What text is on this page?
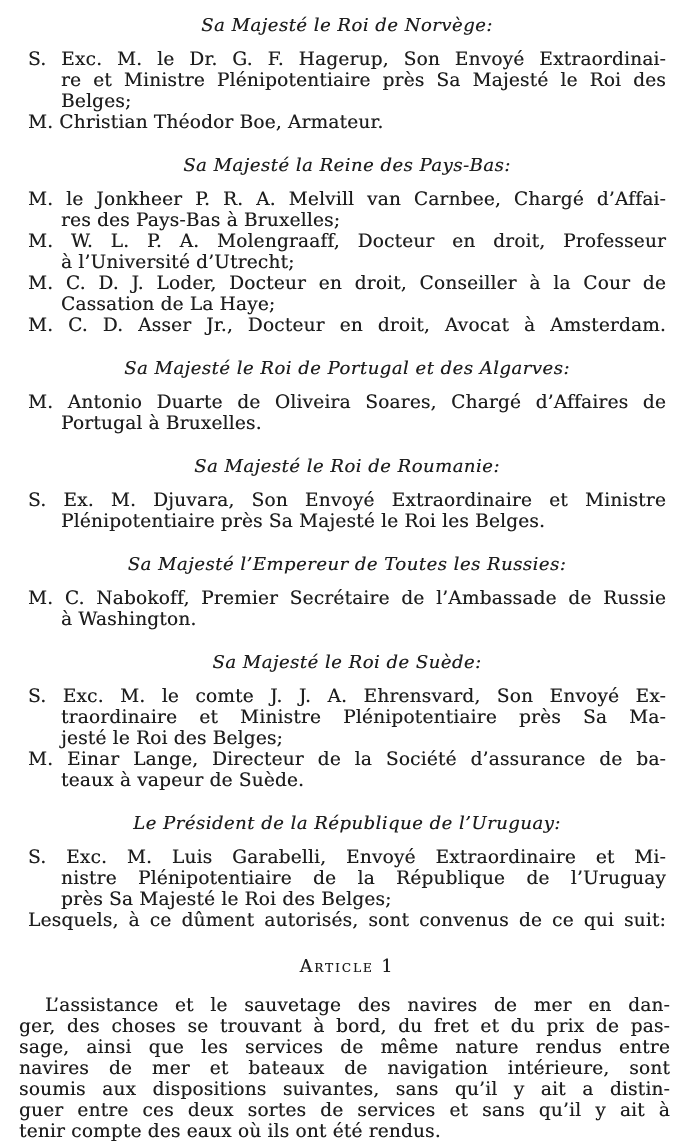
Sa Majesté le Roi de Norvège:
S. Exc. M. le Dr. G. F. Hagerup, Son Envoyé Extraordinai-
re et Ministre Plénipotentiaire près Sa Majesté le Roi des
Belges;
M. Christian Théodor Boe, Armateur.
Sa Majesté la Reine des Pays-Bas:
M. le Jonkheer P. R. A. Melvill van Carnbee, Chargé d’Affai-
res des Pays-Bas à Bruxelles;
M. W. L. P. A. Molengraaff, Docteur en droit, Professeur
à l’Université d’Utrecht;
M. C. D. J. Loder, Docteur en droit, Conseiller à la Cour de
Cassation de La Haye;
M. C. D. Asser Jr., Docteur en droit, Avocat à Amsterdam.
Sa Majesté le Roi de Portugal et des Algarves:
M. Antonio Duarte de Oliveira Soares, Chargé d’Affaires de
Portugal à Bruxelles.
Sa Majesté le Roi de Roumanie:
S. Ex. M. Djuvara, Son Envoyé Extraordinaire et Ministre
Plénipotentiaire près Sa Majesté le Roi les Belges.
Sa Majesté l’Empereur de Toutes les Russies:
M. C. Nabokoff, Premier Secrétaire de l’Ambassade de Russie
à Washington.
Sa Majesté le Roi de Suède:
S. Exc. M. le comte J. J. A. Ehrensvard, Son Envoyé Ex-
traordinaire et Ministre Plénipotentiaire près Sa Ma-
jesté le Roi des Belges;
M. Einar Lange, Directeur de la Société d’assurance de ba-
teaux à vapeur de Suède.
Le Président de la République de l’Uruguay:
S. Exc. M. Luis Garabelli, Envoyé Extraordinaire et Mi-
nistre Plénipotentiaire de la République de l’Uruguay
près Sa Majesté le Roi des Belges;
Lesquels, à ce dûment autorisés, sont convenus de ce qui suit:
Article 1
L’assistance et le sauvetage des navires de mer en dan-
ger, des choses se trouvant à bord, du fret et du prix de pas-
sage, ainsi que les services de même nature rendus entre
navires de mer et bateaux de navigation intérieure, sont
soumis aux dispositions suivantes, sans qu’il y ait a distin-
guer entre ces deux sortes de services et sans qu’il y ait à
tenir compte des eaux où ils ont été rendus.
